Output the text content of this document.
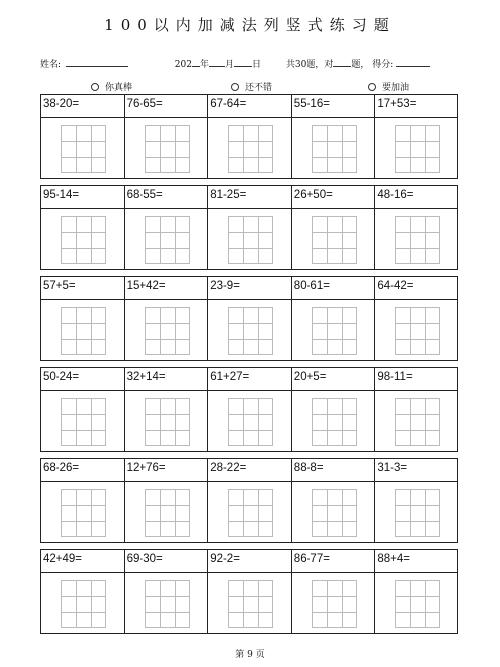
100以内加减法列竖式练习题
姓名:	202 年 月 日	共30题，对 题， 得分:
你真棒	还不错	要加油
38-20=	76-65=	67-64=	55-16=	17+53=
95-14=	68-55=	81-25=	26+50=	48-16=
57+5=	15+42=	23-9=	80-61=	64-42=
50-24=	32+14=	61+27=	20+5=	98-11=
68-26=	12+76=	28-22=	88-8=	31-3=
42+49=	69-30=	92-2=	86-77=	88+4=
第 9 页
